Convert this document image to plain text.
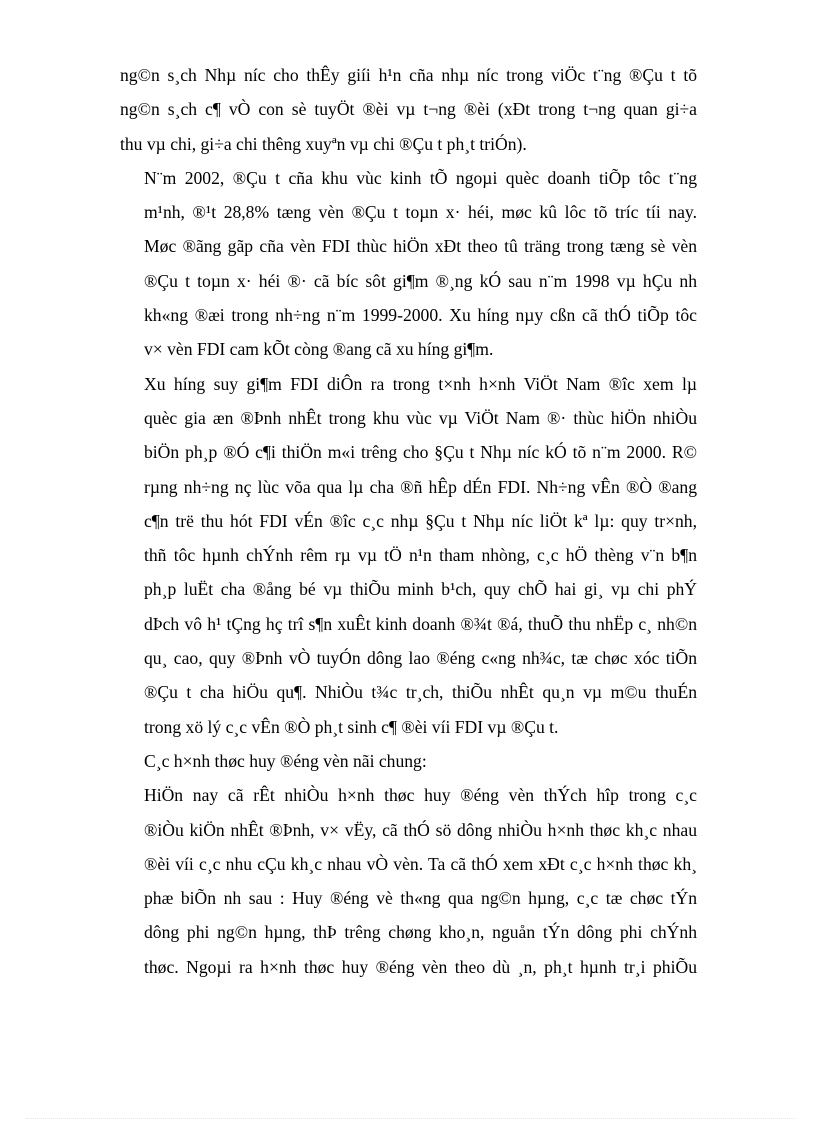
ng©n s¸ch Nhµ níc cho thÊy giíi h¹n cña nhµ níc trong viÖc t¨ng ®Çu t tõ
ng©n s¸ch c¶ vÒ con sè tuyÖt ®èi vµ t¬ng ®èi (xÐt trong t¬ng quan gi÷a
thu vµ chi, gi÷a chi thêng xuyªn vµ chi ®Çu t ph¸t triÓn).

N¨m 2002, ®Çu t cña khu vùc kinh tÕ ngoµi quèc doanh tiÕp tôc t¨ng
m¹nh, ®¹t 28,8% tæng vèn ®Çu t toµn x· héi, møc kû lôc tõ tríc tíi nay.
Møc ®ãng gãp cña vèn FDI thùc hiÖn xÐt theo tû träng trong tæng sè vèn
®Çu t toµn x· héi ®· cã bíc sôt gi¶m ®¸ng kÓ sau n¨m 1998 vµ hÇu nh
kh«ng ®æi trong nh÷ng n¨m 1999-2000. Xu híng nµy cßn cã thÓ tiÕp tôc
v× vèn FDI cam kÕt còng ®ang cã xu híng gi¶m.

Xu híng suy gi¶m FDI diÔn ra trong t×nh h×nh ViÖt Nam ®îc xem lµ
quèc gia æn ®Þnh nhÊt trong khu vùc vµ ViÖt Nam ®· thùc hiÖn nhiÒu
biÖn ph¸p ®Ó c¶i thiÖn m«i trêng cho §Çu t Nhµ níc kÓ tõ n¨m 2000. R©
rµng nh÷ng nç lùc võa qua lµ cha ®ñ hÊp dÉn FDI. Nh÷ng vÊn ®Ò ®ang
c¶n trë thu hót FDI vÉn ®îc c¸c nhµ §Çu t Nhµ níc liÖt kª lµ: quy tr×nh,
thñ tôc hµnh chÝnh rêm rµ vµ tÖ n¹n tham nhòng, c¸c hÖ thèng v¨n b¶n
ph¸p luËt cha ®ång bé vµ thiÕu minh b¹ch, quy chÕ hai gi¸ vµ chi phÝ
dÞch vô h¹ tÇng hç trî s¶n xuÊt kinh doanh ®¾t ®á, thuÕ thu nhËp c¸ nh©n
qu¸ cao, quy ®Þnh vÒ tuyÓn dông lao ®éng c«ng nh¾c, tæ chøc xóc tiÕn
®Çu t cha hiÖu qu¶. NhiÒu t¾c tr¸ch, thiÕu nhÊt qu¸n vµ m©u thuÉn
trong xö lý c¸c vÊn ®Ò ph¸t sinh c¶ ®èi víi FDI vµ ®Çu t.

C¸c h×nh thøc huy ®éng vèn nãi chung:

HiÖn nay cã rÊt nhiÒu h×nh thøc huy ®éng vèn thÝch hîp trong c¸c
®iÒu kiÖn nhÊt ®Þnh, v× vËy, cã thÓ sö dông nhiÒu h×nh thøc kh¸c nhau
®èi víi c¸c nhu cÇu kh¸c nhau vÒ vèn. Ta cã thÓ xem xÐt c¸c h×nh thøc kh¸
phæ biÕn nh sau : Huy ®éng vè th«ng qua ng©n hµng, c¸c tæ chøc tÝn
dông phi ng©n hµng, thÞ trêng chøng kho¸n, nguån tÝn dông phi chÝnh
thøc. Ngoµi ra h×nh thøc huy ®éng vèn theo dù ¸n, ph¸t hµnh tr¸i phiÕu
